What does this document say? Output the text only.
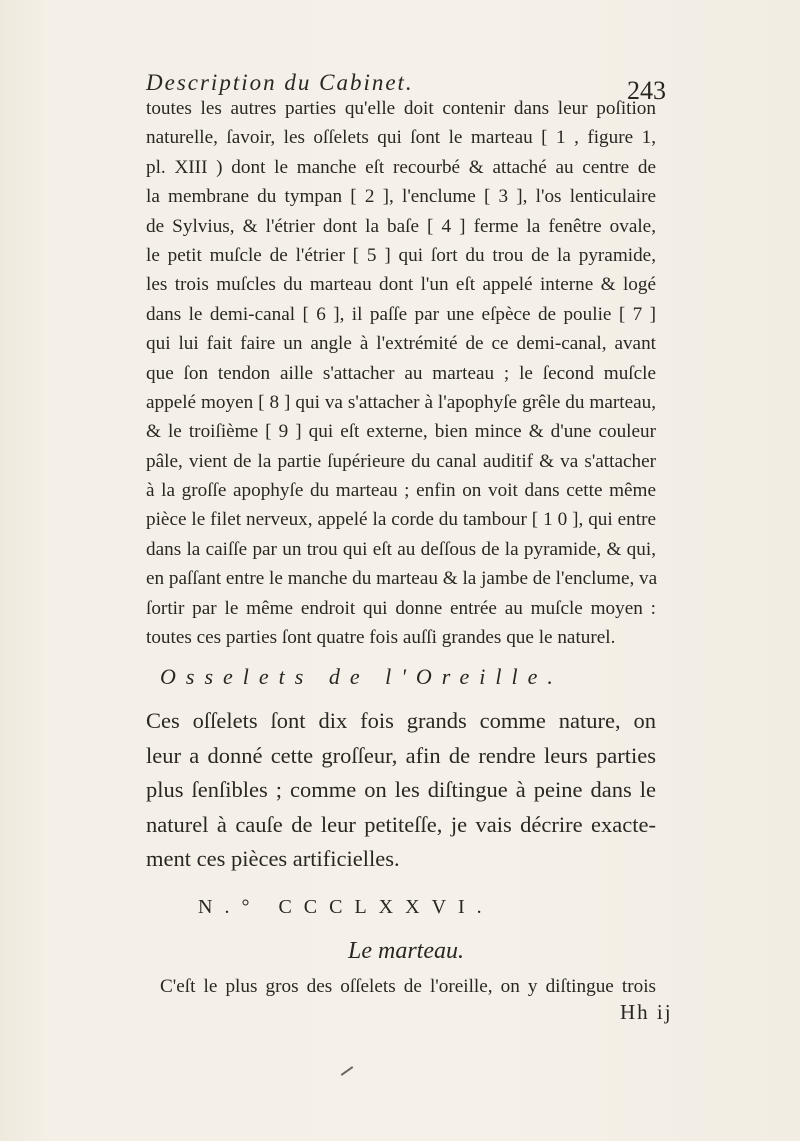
Description du Cabinet.	243
toutes les autres parties qu'elle doit contenir dans leur poſition
naturelle, ſavoir, les oſſelets qui ſont le marteau [ 1 , figure 1,
pl. XIII ) dont le manche eſt recourbé & attaché au centre de
la membrane du tympan [ 2 ], l'enclume [ 3 ], l'os lenticulaire
de Sylvius, & l'étrier dont la baſe [ 4 ] ferme la fenêtre ovale,
le petit muſcle de l'étrier [ 5 ] qui ſort du trou de la pyramide,
les trois muſcles du marteau dont l'un eſt appelé interne & logé
dans le demi-canal [ 6 ], il paſſe par une eſpèce de poulie [ 7 ]
qui lui fait faire un angle à l'extrémité de ce demi-canal, avant
que ſon tendon aille s'attacher au marteau ; le ſecond muſcle
appelé moyen [ 8 ] qui va s'attacher à l'apophyſe grêle du marteau,
& le troiſième [ 9 ] qui eſt externe, bien mince & d'une couleur
pâle, vient de la partie ſupérieure du canal auditif & va s'attacher
à la groſſe apophyſe du marteau ; enfin on voit dans cette même
pièce le filet nerveux, appelé la corde du tambour [ 1 0 ], qui entre
dans la caiſſe par un trou qui eſt au deſſous de la pyramide, & qui,
en paſſant entre le manche du marteau & la jambe de l'enclume, va
ſortir par le même endroit qui donne entrée au muſcle moyen :
toutes ces parties ſont quatre fois auſſi grandes que le naturel.
Osselets de l'Oreille.
Ces oſſelets ſont dix fois grands comme nature, on
leur a donné cette groſſeur, afin de rendre leurs parties
plus ſenſibles ; comme on les diſtingue à peine dans le
naturel à cauſe de leur petiteſſe, je vais décrire exacte-
ment ces pièces artificielles.
N.° CCCLXXVI.
Le marteau.
C'eſt le plus gros des oſſelets de l'oreille, on y diſtingue trois
Hh ij
